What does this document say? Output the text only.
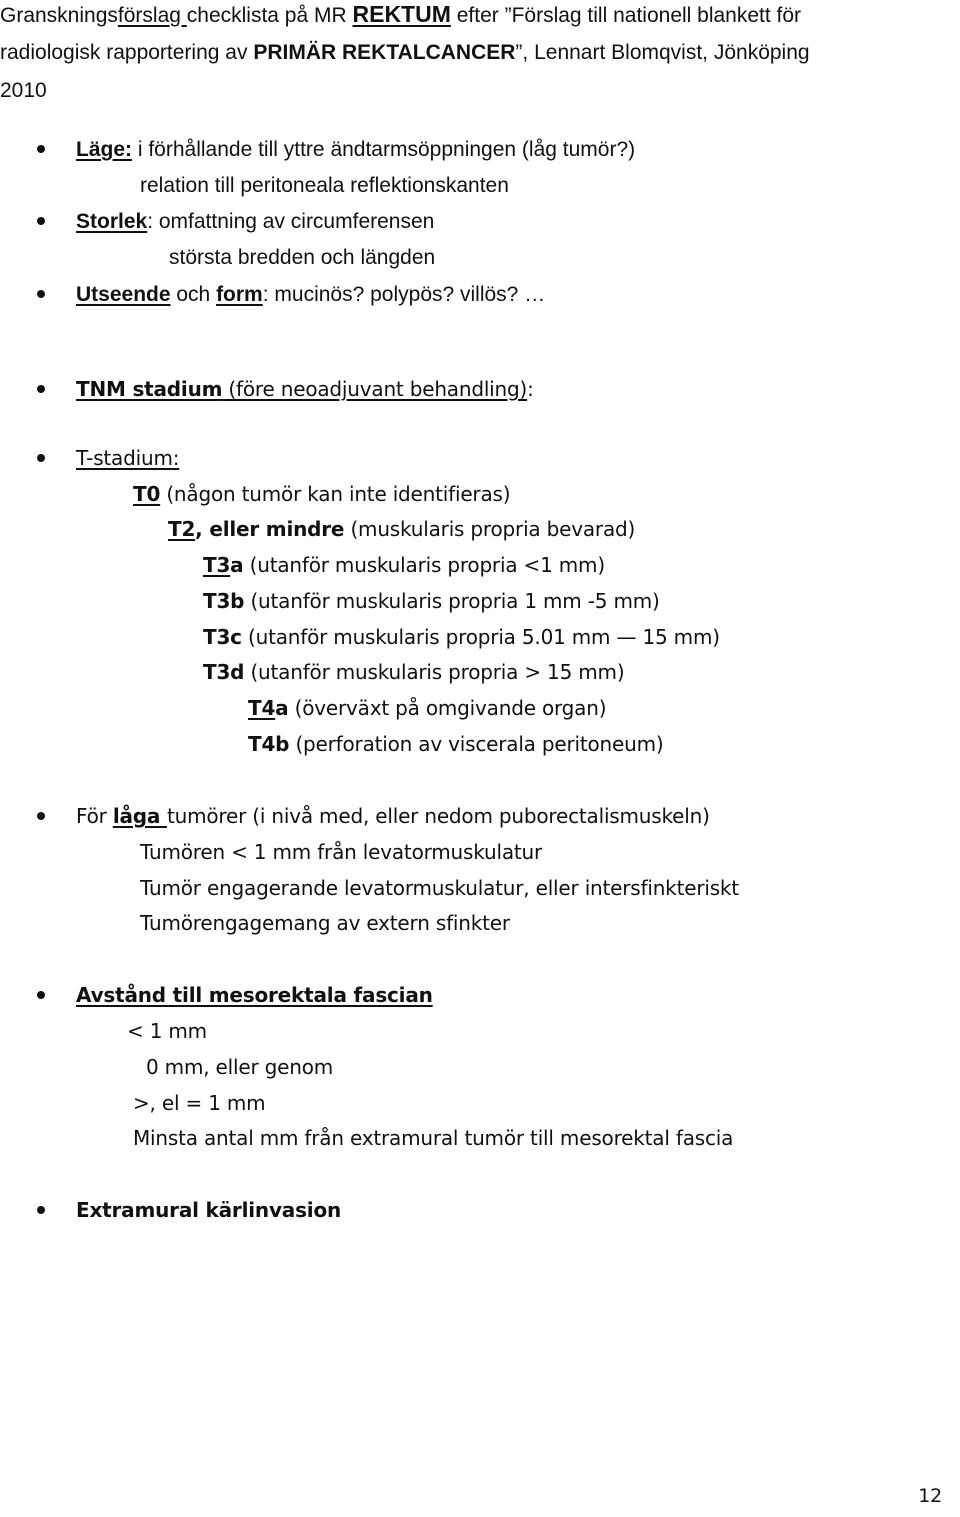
Granskningsförslag checklista på MR REKTUM efter ”Förslag till nationell blankett för
radiologisk rapportering av PRIMÄR REKTALCANCER”, Lennart Blomqvist, Jönköping
2010
Läge: i förhållande till yttre ändtarmsöppningen (låg tumör?)
relation till peritoneala reflektionskanten
Storlek: omfattning av circumferensen
största bredden och längden
Utseende och form: mucinös? polypös? villös? …
TNM stadium (före neoadjuvant behandling):
T-stadium:
T0 (någon tumör kan inte identifieras)
T2, eller mindre (muskularis propria bevarad)
T3a (utanför muskularis propria <1 mm)
T3b (utanför muskularis propria 1 mm -5 mm)
T3c (utanför muskularis propria 5.01 mm — 15 mm)
T3d (utanför muskularis propria > 15 mm)
T4a (överväxt på omgivande organ)
T4b (perforation av viscerala peritoneum)
För låga tumörer (i nivå med, eller nedom puborectalismuskeln)
Tumören < 1 mm från levatormuskulatur
Tumör engagerande levatormuskulatur, eller intersfinkteriskt
Tumörengagemang av extern sfinkter
Avstånd till mesorektala fascian
< 1 mm
0 mm, eller genom
>, el = 1 mm
Minsta antal mm från extramural tumör till mesorektal fascia
Extramural kärlinvasion
12
